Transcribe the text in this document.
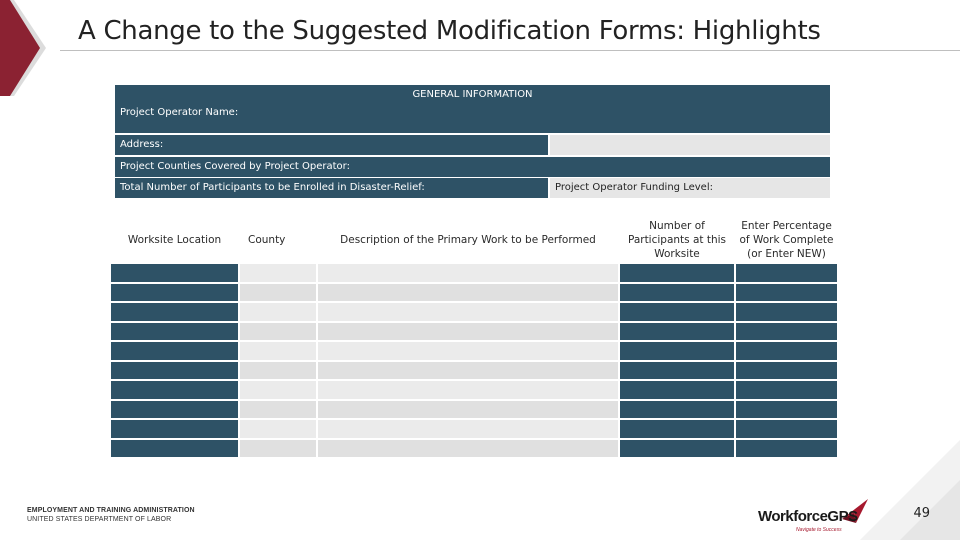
A Change to the Suggested Modification Forms: Highlights
GENERAL INFORMATION
Project Operator Name:
Address:
Project Counties Covered by Project Operator:
Total Number of Participants to be Enrolled in Disaster-Relief:	Project Operator Funding Level:
Worksite Location	County	Description of the Primary Work to be Performed	Number of Participants at this Worksite	Enter Percentage of Work Complete (or Enter NEW)

EMPLOYMENT AND TRAINING ADMINISTRATION
UNITED STATES DEPARTMENT OF LABOR	WorkforceGPS
Navigate to Success
49
